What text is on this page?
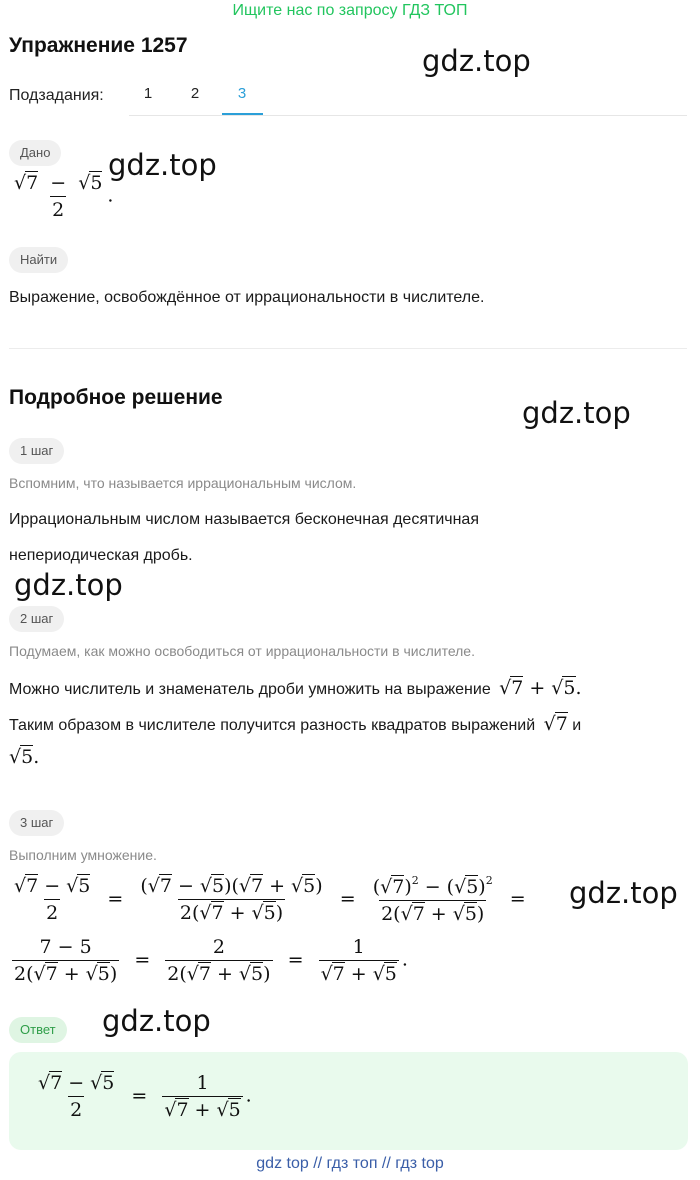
Ищите нас по запросу ГДЗ ТОП
Упражнение 1257	gdz.top
Подзадания:	1	2	3
Дано
$\frac{√7 - √5}{2}$ .
gdz.top
Найти
Выражение, освобождённое от иррациональности в числителе.
Подробное решение	gdz.top
1 шаг
Вспомним, что называется иррациональным числом.
Иррациональным числом называется бесконечная десятичная
непериодическая дробь.
gdz.top
2 шаг
Подумаем, как можно освободиться от иррациональности в числителе.
Можно числитель и знаменатель дроби умножить на выражение √7 + √5.
Таким образом в числителе получится разность квадратов выражений √7 и
√5.
3 шаг
Выполним умножение.
$\frac{√7 - √5}{2} = \frac{(√7 - √5)(√7 + √5)}{2(√7 + √5)} = \frac{(√7)^2 - (√5)^2}{2(√7 + √5)} = gdz.top$
$\frac{7 - 5}{2(√7 + √5)} = \frac{2}{2(√7 + √5)} = \frac{1}{√7 + √5}$ .
Ответ	gdz.top
$\frac{√7 - √5}{2} = \frac{1}{√7 + √5}$ .
gdz top // гдз топ // гдз top
